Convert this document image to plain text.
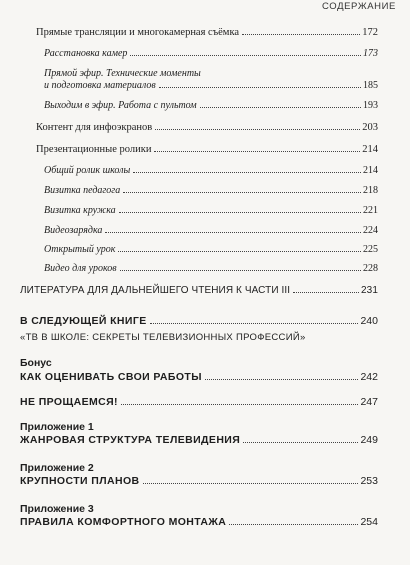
СОДЕРЖАНИЕ
Прямые трансляции и многокамерная съёмка	172
Расстановка камер	173
Прямой эфир. Технические моменты
и подготовка материалов	185
Выходим в эфир. Работа с пультом	193
Контент для инфоэкранов	203
Презентационные ролики	214
Общий ролик школы	214
Визитка педагога	218
Визитка кружка	221
Видеозарядка	224
Открытый урок	225
Видео для уроков	228
ЛИТЕРАТУРА ДЛЯ ДАЛЬНЕЙШЕГО ЧТЕНИЯ К ЧАСТИ III	231
В СЛЕДУЮЩЕЙ КНИГЕ	240
«ТВ В ШКОЛЕ: СЕКРЕТЫ ТЕЛЕВИЗИОННЫХ ПРОФЕССИЙ»
Бонус
КАК ОЦЕНИВАТЬ СВОИ РАБОТЫ	242
НЕ ПРОЩАЕМСЯ!	247
Приложение 1
ЖАНРОВАЯ СТРУКТУРА ТЕЛЕВИДЕНИЯ	249
Приложение 2
КРУПНОСТИ ПЛАНОВ	253
Приложение 3
ПРАВИЛА КОМФОРТНОГО МОНТАЖА	254
